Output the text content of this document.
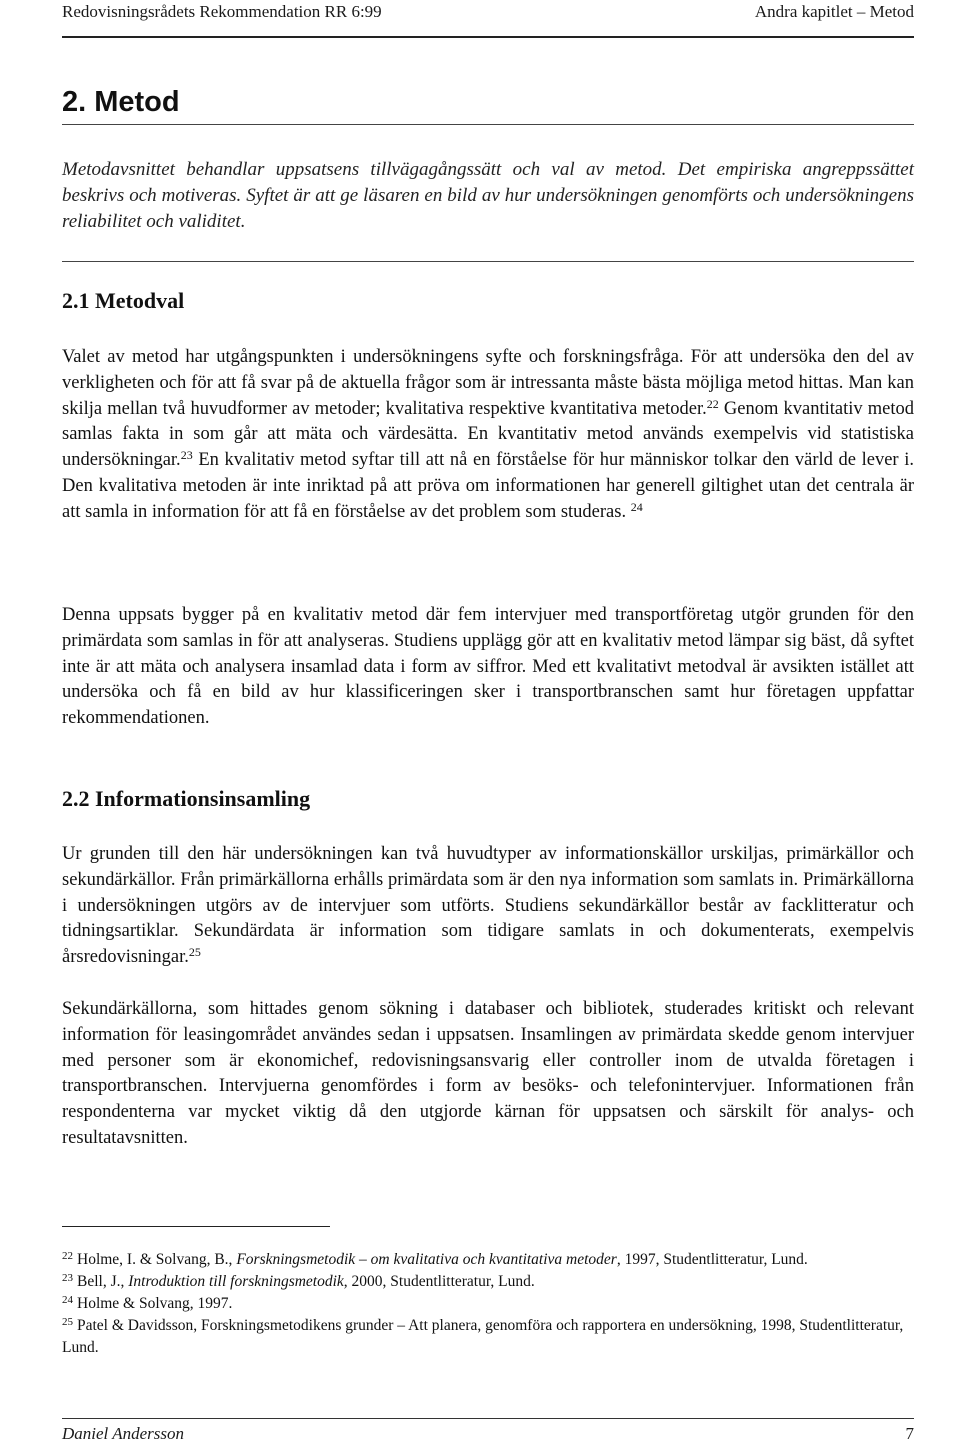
Redovisningsrådets Rekommendation RR 6:99	Andra kapitlet – Metod
2. Metod

Metodavsnittet behandlar uppsatsens tillvägagångssätt och val av metod. Det empiriska angreppssättet beskrivs och motiveras. Syftet är att ge läsaren en bild av hur undersökningen genomförts och undersökningens reliabilitet och validitet.

2.1 Metodval

Valet av metod har utgångspunkten i undersökningens syfte och forskningsfråga. För att undersöka den del av verkligheten och för att få svar på de aktuella frågor som är intressanta måste bästa möjliga metod hittas. Man kan skilja mellan två huvudformer av metoder; kvalitativa respektive kvantitativa metoder.$^{22}$ Genom kvantitativ metod samlas fakta in som går att mäta och värdesätta. En kvantitativ metod används exempelvis vid statistiska undersökningar.$^{23}$ En kvalitativ metod syftar till att nå en förståelse för hur människor tolkar den värld de lever i. Den kvalitativa metoden är inte inriktad på att pröva om informationen har generell giltighet utan det centrala är att samla in information för att få en förståelse av det problem som studeras. $^{24}$

Denna uppsats bygger på en kvalitativ metod där fem intervjuer med transportföretag utgör grunden för den primärdata som samlas in för att analyseras. Studiens upplägg gör att en kvalitativ metod lämpar sig bäst, då syftet inte är att mäta och analysera insamlad data i form av siffror. Med ett kvalitativt metodval är avsikten istället att undersöka och få en bild av hur klassificeringen sker i transportbranschen samt hur företagen uppfattar rekommendationen.

2.2 Informationsinsamling

Ur grunden till den här undersökningen kan två huvudtyper av informationskällor urskiljas, primärkällor och sekundärkällor. Från primärkällorna erhålls primärdata som är den nya information som samlats in. Primärkällorna i undersökningen utgörs av de intervjuer som utförts. Studiens sekundärkällor består av facklitteratur och tidningsartiklar. Sekundärdata är information som tidigare samlats in och dokumenterats, exempelvis årsredovisningar.$^{25}$

Sekundärkällorna, som hittades genom sökning i databaser och bibliotek, studerades kritiskt och relevant information för leasingområdet användes sedan i uppsatsen. Insamlingen av primärdata skedde genom intervjuer med personer som är ekonomichef, redovisningsansvarig eller controller inom de utvalda företagen i transportbranschen. Intervjuerna genomfördes i form av besöks- och telefonintervjuer. Informationen från respondenterna var mycket viktig då den utgjorde kärnan för uppsatsen och särskilt för analys- och resultatavsnitten.

$^{22}$ Holme, I. & Solvang, B., Forskningsmetodik – om kvalitativa och kvantitativa metoder, 1997, Studentlitteratur, Lund.

$^{23}$ Bell, J., Introduktion till forskningsmetodik, 2000, Studentlitteratur, Lund.

$^{24}$ Holme & Solvang, 1997.

$^{25}$ Patel & Davidsson, Forskningsmetodikens grunder – Att planera, genomföra och rapportera en undersökning, 1998, Studentlitteratur, Lund.

Daniel Andersson	7
